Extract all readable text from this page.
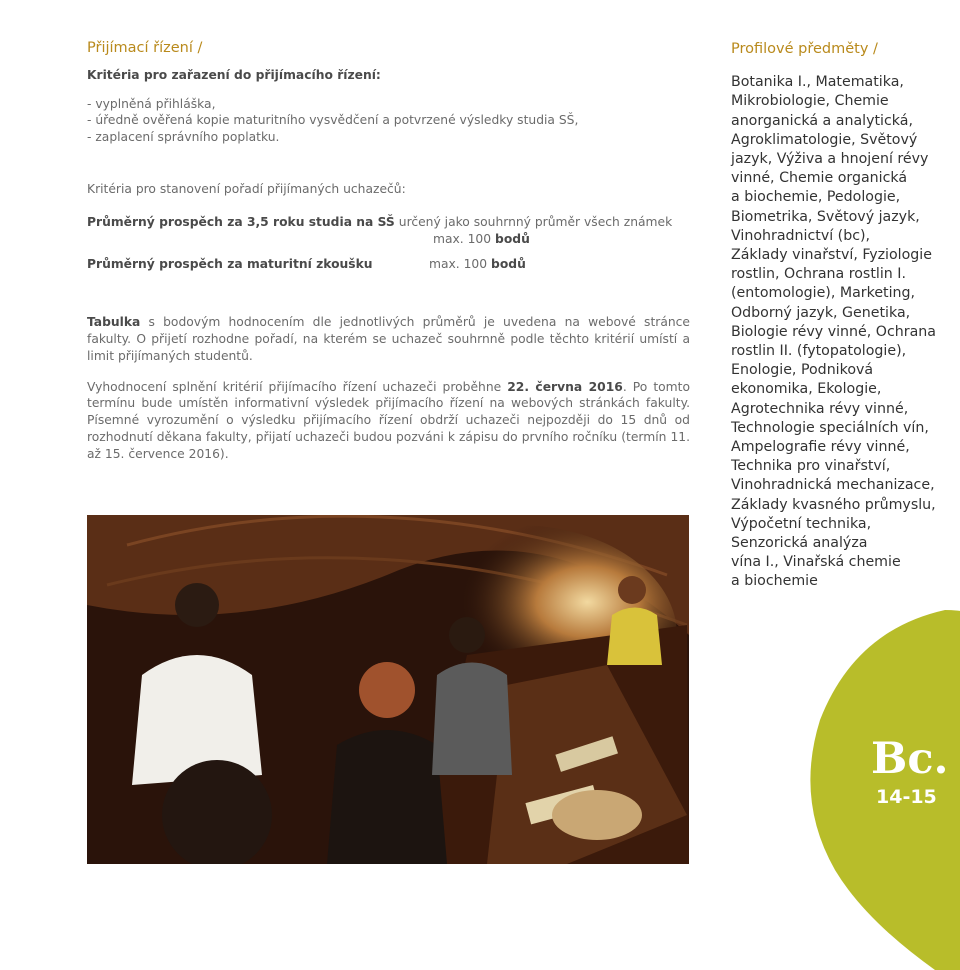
Přijímací řízení /
Kritéria pro zařazení do přijímacího řízení:
- vyplněná přihláška,
- úředně ověřená kopie maturitního vysvědčení a potvrzené výsledky studia SŠ,
- zaplacení správního poplatku.
Kritéria pro stanovení pořadí přijímaných uchazečů:
Průměrný prospěch za 3,5 roku studia na SŠ určený jako souhrnný průměr všech známek
max. 100 bodů
Průměrný prospěch za maturitní zkoušku	max. 100 bodů

Tabulka s bodovým hodnocením dle jednotlivých průměrů je uvedena na webové stránce fakulty. O přijetí rozhodne pořadí, na kterém se uchazeč souhrnně podle těchto kritérií umístí a limit přijímaných studentů.

Vyhodnocení splnění kritérií přijímacího řízení uchazeči proběhne 22. června 2016. Po tomto termínu bude umístěn informativní výsledek přijímacího řízení na webových stránkách fakulty. Písemné vyrozumění o výsledku přijímacího řízení obdrží uchazeči nejpozději do 15 dnů od rozhodnutí děkana fakulty, přijatí uchazeči budou pozváni k zápisu do prvního ročníku (termín 11. až 15. července 2016).

Profilové předměty /
Botanika I., Matematika,
Mikrobiologie, Chemie
anorganická a analytická,
Agroklimatologie, Světový
jazyk, Výživa a hnojení révy
vinné, Chemie organická
a biochemie, Pedologie,
Biometrika, Světový jazyk,
Vinohradnictví (bc),
Základy vinařství, Fyziologie
rostlin, Ochrana rostlin I.
(entomologie), Marketing,
Odborný jazyk, Genetika,
Biologie révy vinné, Ochrana
rostlin II. (fytopatologie),
Enologie, Podniková
ekonomika, Ekologie,
Agrotechnika révy vinné,
Technologie speciálních vín,
Ampelografie révy vinné,
Technika pro vinařství,
Vinohradnická mechanizace,
Základy kvasného průmyslu,
Výpočetní technika,
Senzorická analýza
vína I., Vinařská chemie
a biochemie
Bc.
14-15
